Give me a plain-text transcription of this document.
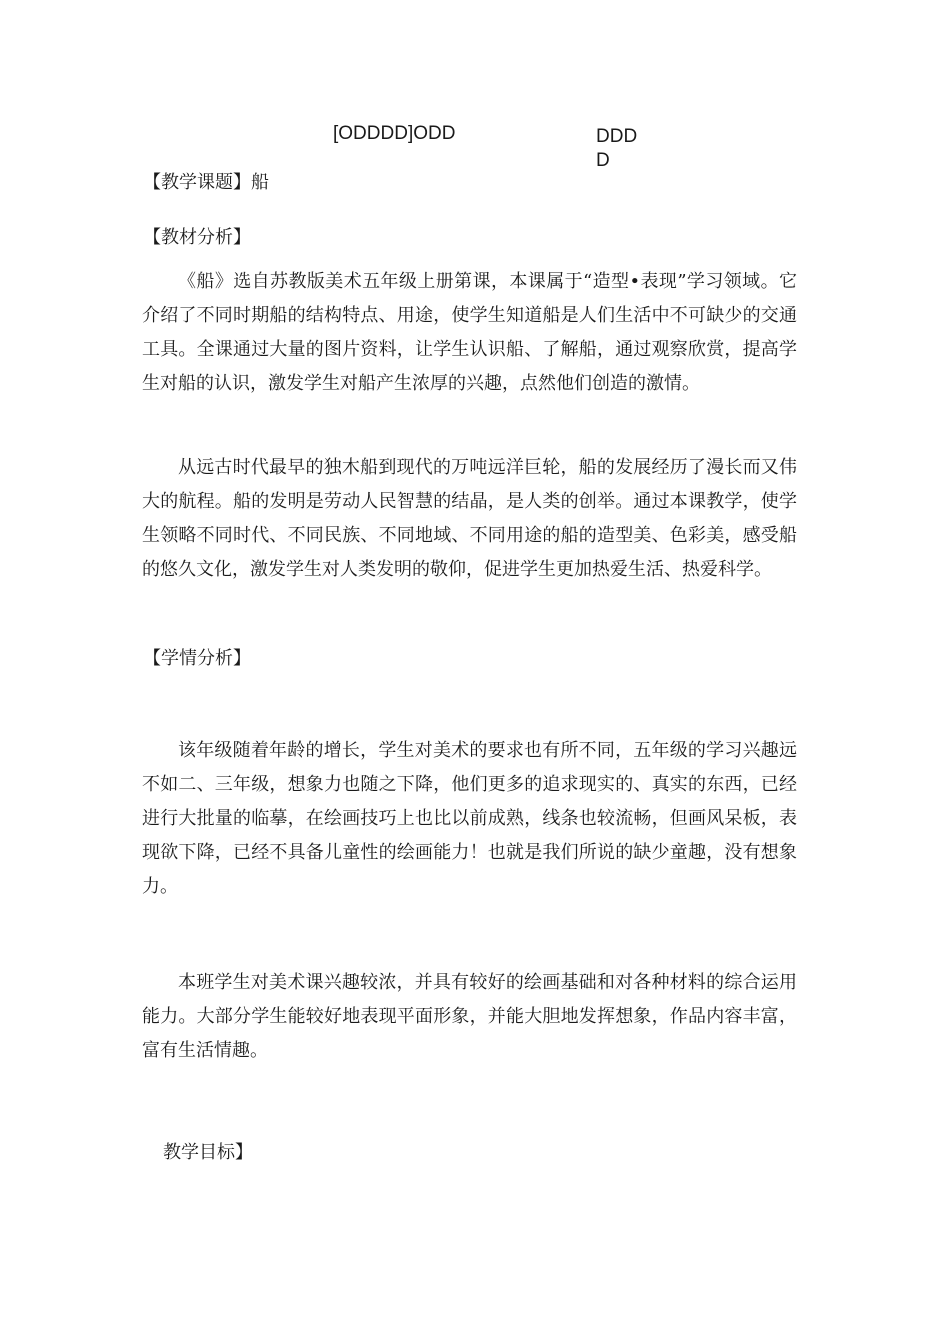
[ODDDD]ODD	DDD D

【教学课题】船

【教材分析】

《船》选自苏教版美术五年级上册第课，本课属于“造型•表现”学习领域。它介绍了不同时期船的结构特点、用途，使学生知道船是人们生活中不可缺少的交通工具。全课通过大量的图片资料，让学生认识船、了解船，通过观察欣赏，提高学生对船的认识，激发学生对船产生浓厚的兴趣，点然他们创造的激情。

从远古时代最早的独木船到现代的万吨远洋巨轮，船的发展经历了漫长而又伟大的航程。船的发明是劳动人民智慧的结晶，是人类的创举。通过本课教学，使学生领略不同时代、不同民族、不同地域、不同用途的船的造型美、色彩美，感受船的悠久文化，激发学生对人类发明的敬仰，促进学生更加热爱生活、热爱科学。

【学情分析】

该年级随着年龄的增长，学生对美术的要求也有所不同，五年级的学习兴趣远不如二、三年级，想象力也随之下降，他们更多的追求现实的、真实的东西，已经进行大批量的临摹，在绘画技巧上也比以前成熟，线条也较流畅，但画风呆板，表现欲下降，已经不具备儿童性的绘画能力！也就是我们所说的缺少童趣，没有想象力。

本班学生对美术课兴趣较浓，并具有较好的绘画基础和对各种材料的综合运用能力。大部分学生能较好地表现平面形象，并能大胆地发挥想象，作品内容丰富，富有生活情趣。

教学目标】
